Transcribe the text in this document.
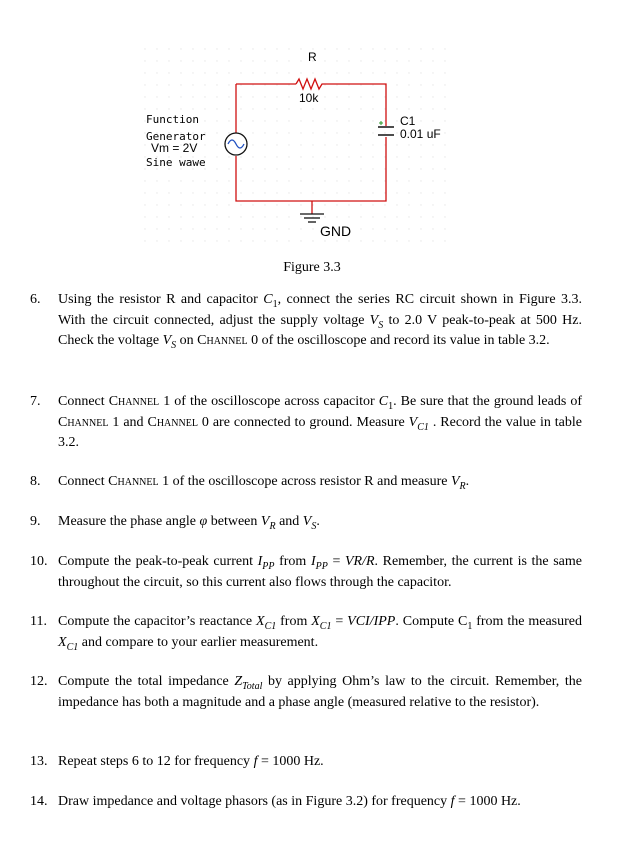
R
10k
Function
Generator
Vm = 2V
Sine wawe
C1
0.01 uF
GND
Figure 3.3
6.	Using the resistor R and capacitor $C_1$, connect the series RC circuit shown in Figure 3.3. With the circuit connected, adjust the supply voltage $V_S$ to 2.0 V peak-to-peak at 500 Hz. Check the voltage $V_S$ on Channel 0 of the oscilloscope and record its value in table 3.2.
7.	Connect Channel 1 of the oscilloscope across capacitor $C_1$. Be sure that the ground leads of Channel 1 and Channel 0 are connected to ground. Measure $V_{C1}$ . Record the value in table 3.2.
8.	Connect Channel 1 of the oscilloscope across resistor R and measure $V_R$.
9.	Measure the phase angle φ between $V_R$ and $V_S$.
10. Compute the peak-to-peak current $I_{PP}$ from $I_{PP} = VR/R$. Remember, the current is the same throughout the circuit, so this current also flows through the capacitor.
11. Compute the capacitor’s reactance $X_{C1}$ from $X_{C1} = VCI/IPP$. Compute $C_1$ from the measured $X_{C1}$ and compare to your earlier measurement.
12. Compute the total impedance $Z_{Total}$ by applying Ohm’s law to the circuit. Remember, the impedance has both a magnitude and a phase angle (measured relative to the resistor).
13. Repeat steps 6 to 12 for frequency f = 1000 Hz.
14. Draw impedance and voltage phasors (as in Figure 3.2) for frequency f = 1000 Hz.
